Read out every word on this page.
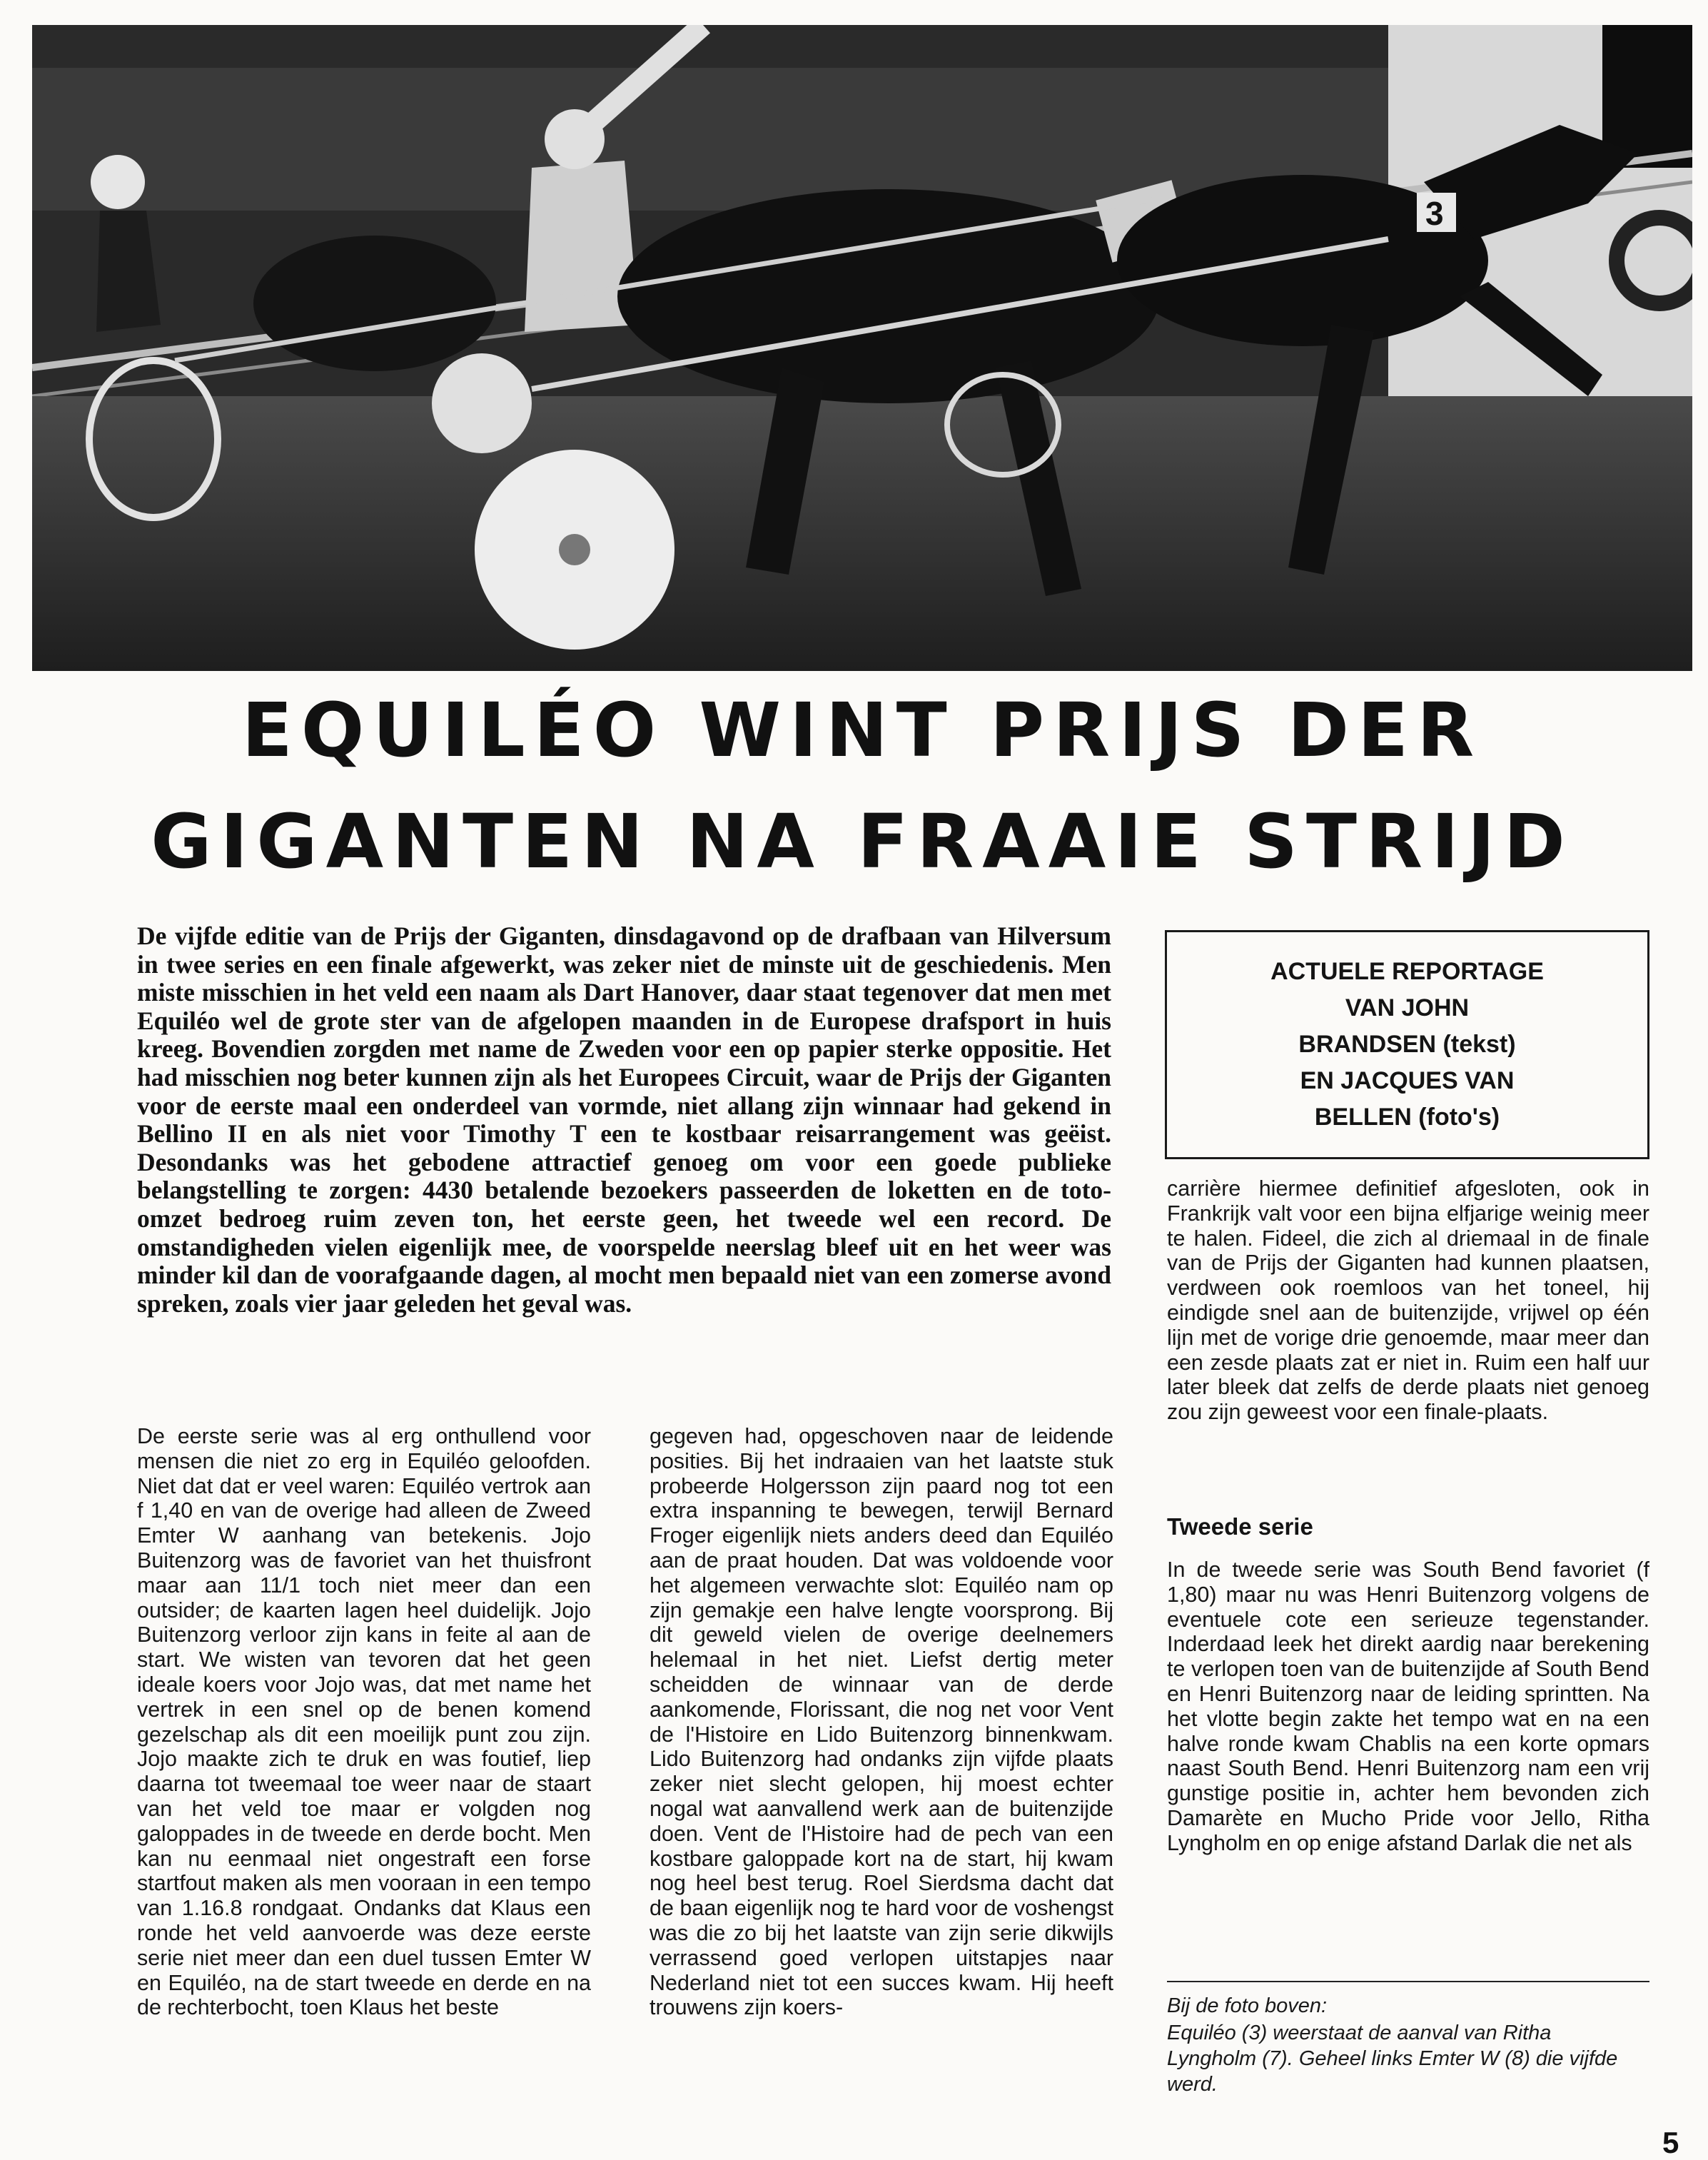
3
EQUILÉO WINT PRIJS DER
GIGANTEN NA FRAAIE STRIJD

De vijfde editie van de Prijs der Giganten, dinsdagavond op de drafbaan van Hilversum in twee series en een finale afgewerkt, was zeker niet de minste uit de geschiedenis. Men miste misschien in het veld een naam als Dart Hanover, daar staat tegenover dat men met Equiléo wel de grote ster van de afgelopen maanden in de Europese drafsport in huis kreeg. Bovendien zorgden met name de Zweden voor een op papier sterke oppositie. Het had misschien nog beter kunnen zijn als het Europees Circuit, waar de Prijs der Giganten voor de eerste maal een onderdeel van vormde, niet allang zijn winnaar had gekend in Bellino II en als niet voor Timothy T een te kostbaar reisarrangement was geëist. Desondanks was het gebodene attractief genoeg om voor een goede publieke belangstelling te zorgen: 4430 betalende bezoekers passeerden de loketten en de toto-omzet bedroeg ruim zeven ton, het eerste geen, het tweede wel een record. De omstandigheden vielen eigenlijk mee, de voorspelde neerslag bleef uit en het weer was minder kil dan de voorafgaande dagen, al mocht men bepaald niet van een zomerse avond spreken, zoals vier jaar geleden het geval was.

ACTUELE REPORTAGE
VAN JOHN
BRANDSEN (tekst)
EN JACQUES VAN
BELLEN (foto's)

De eerste serie was al erg onthullend voor mensen die niet zo erg in Equiléo geloofden. Niet dat dat er veel waren: Equiléo vertrok aan f 1,40 en van de overige had alleen de Zweed Emter W aanhang van betekenis. Jojo Buitenzorg was de favoriet van het thuisfront maar aan 11/1 toch niet meer dan een outsider; de kaarten lagen heel duidelijk. Jojo Buitenzorg verloor zijn kans in feite al aan de start. We wisten van tevoren dat het geen ideale koers voor Jojo was, dat met name het vertrek in een snel op de benen komend gezelschap als dit een moeilijk punt zou zijn. Jojo maakte zich te druk en was foutief, liep daarna tot tweemaal toe weer naar de staart van het veld toe maar er volgden nog galoppades in de tweede en derde bocht. Men kan nu eenmaal niet ongestraft een forse startfout maken als men vooraan in een tempo van 1.16.8 rondgaat. Ondanks dat Klaus een ronde het veld aanvoerde was deze eerste serie niet meer dan een duel tussen Emter W en Equiléo, na de start tweede en derde en na de rechterbocht, toen Klaus het beste

gegeven had, opgeschoven naar de leidende posities. Bij het indraaien van het laatste stuk probeerde Holgersson zijn paard nog tot een extra inspanning te bewegen, terwijl Bernard Froger eigenlijk niets anders deed dan Equiléo aan de praat houden. Dat was voldoende voor het algemeen verwachte slot: Equiléo nam op zijn gemakje een halve lengte voorsprong. Bij dit geweld vielen de overige deelnemers helemaal in het niet. Liefst dertig meter scheidden de winnaar van de derde aankomende, Florissant, die nog net voor Vent de l'Histoire en Lido Buitenzorg binnenkwam. Lido Buitenzorg had ondanks zijn vijfde plaats zeker niet slecht gelopen, hij moest echter nogal wat aanvallend werk aan de buitenzijde doen. Vent de l'Histoire had de pech van een kostbare galoppade kort na de start, hij kwam nog heel best terug. Roel Sierdsma dacht dat de baan eigenlijk nog te hard voor de voshengst was die zo bij het laatste van zijn serie dikwijls verrassend goed verlopen uitstapjes naar Nederland niet tot een succes kwam. Hij heeft trouwens zijn koers-

carrière hiermee definitief afgesloten, ook in Frankrijk valt voor een bijna elfjarige weinig meer te halen. Fideel, die zich al driemaal in de finale van de Prijs der Giganten had kunnen plaatsen, verdween ook roemloos van het toneel, hij eindigde snel aan de buitenzijde, vrijwel op één lijn met de vorige drie genoemde, maar meer dan een zesde plaats zat er niet in. Ruim een half uur later bleek dat zelfs de derde plaats niet genoeg zou zijn geweest voor een finale-plaats.

Tweede serie

In de tweede serie was South Bend favoriet (f 1,80) maar nu was Henri Buitenzorg volgens de eventuele cote een serieuze tegenstander. Inderdaad leek het direkt aardig naar berekening te verlopen toen van de buitenzijde af South Bend en Henri Buitenzorg naar de leiding sprintten. Na het vlotte begin zakte het tempo wat en na een halve ronde kwam Chablis na een korte opmars naast South Bend. Henri Buitenzorg nam een vrij gunstige positie in, achter hem bevonden zich Damarète en Mucho Pride voor Jello, Ritha Lyngholm en op enige afstand Darlak die net als

Bij de foto boven:
Equiléo (3) weerstaat de aanval van Ritha Lyngholm (7). Geheel links Emter W (8) die vijfde werd.

5
